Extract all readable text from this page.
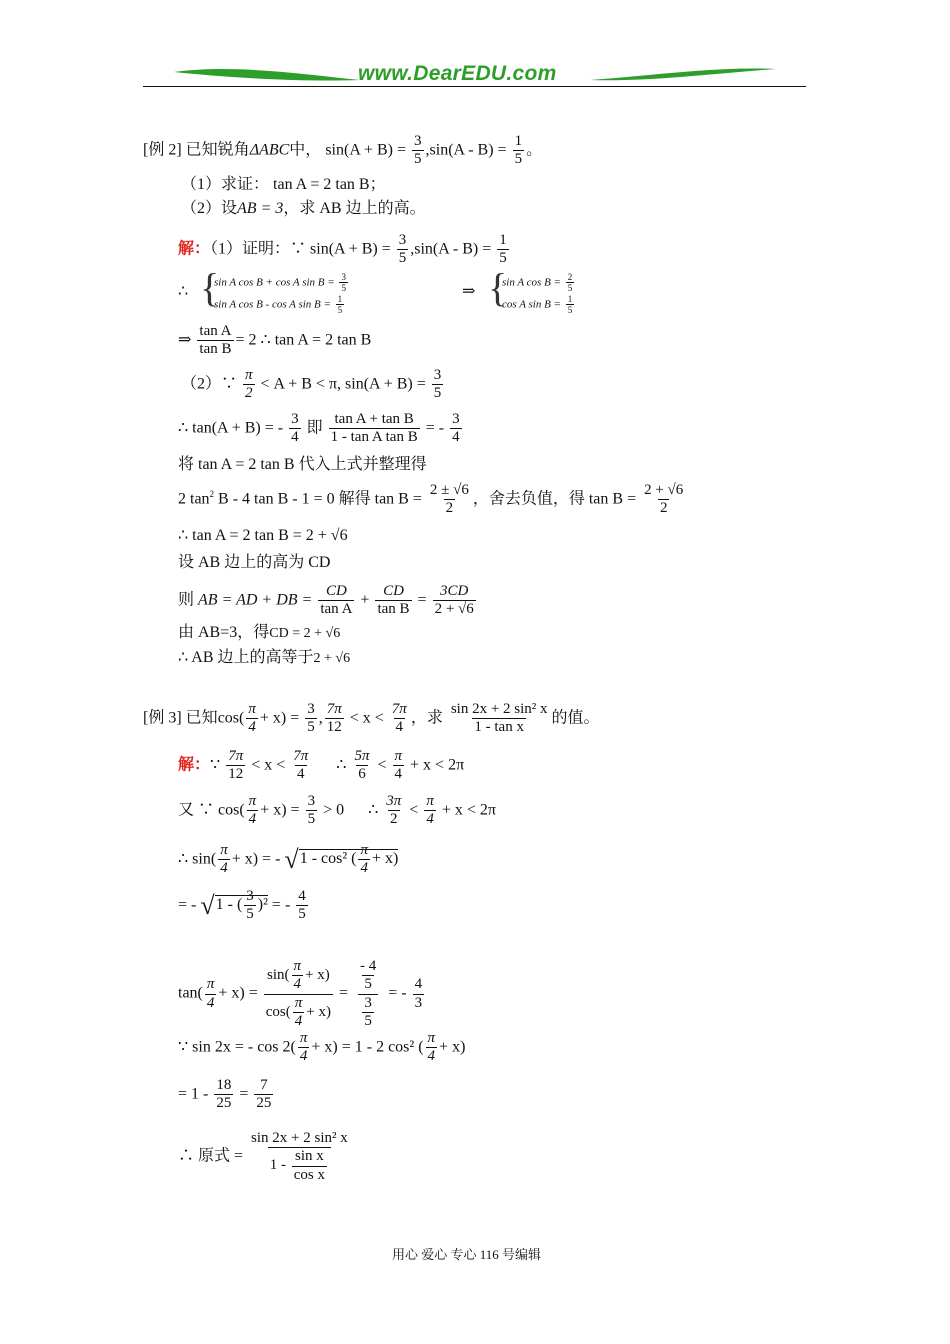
www.DearEDU.com
[例 2] 已知锐角ΔABC中， $\sin(A + B) = \frac{3}{5} ,\sin(A - B) = \frac{1}{5}$ 。
（1）求证： tan A = 2 tan B；
（2）设AB = 3，求 AB 边上的高。
解：（1）证明：∵ $\sin(A + B) = \frac{3}{5} ,\sin(A - B) = \frac{1}{5}$
∴ {
sin A cos B + cos A $\sin B = \frac{3}{5}$
sin A cos B - cos A $\sin B = \frac{1}{5}$
⇒ {
sin A $\cos B = \frac{2}{5}$
cos A $\sin B = \frac{1}{5}$
⇒ $\frac{\text{tan A}}{\text{tan B}} = 2$ ∴ tan A = 2 tan B
（2）∵ $\frac{\pi}{2} < A + B < \pi$, $\sin(A + B) = \frac{3}{5}$
∴ tan(A + B) = - $\frac{3}{4}$ 即 $\frac{\text{tan A + tan B}}{\text{1 - tan A tan B}}$ = - $\frac{3}{4}$
将 tan A = 2 tan B 代入上式并整理得
2 $\tan^2 B - 4$ tan B - 1 = 0 解得 $\tan B = \frac{2 \pm √6}{2}$ ，舍去负值，得 $\tan B = \frac{2 + √6}{2}$
∴ tan A = 2 tan B = 2 + √6
设 AB 边上的高为 CD
则 AB = AD + DB = $\frac{CD}{\text{tan A}} + \frac{CD}{\text{tan B}} = \frac{3CD}{2 + √6}$
由 AB=3，得CD = 2 + √6
∴ AB 边上的高等于2 + √6
[例 3] 已知$\cos( \frac{\pi}{4} + x) = \frac{3}{5}$ , $\frac{7\pi}{12} < x < \frac{7\pi}{4}$ ，求 $\frac{\text{sin 2x + 2 sin² x}}{\text{1 - tan x}}$ 的值。
解：∵ $\frac{7\pi}{12} < x < \frac{7\pi}{4}$ ∴ $\frac{5\pi}{6} < \frac{\pi}{4} + x < 2\pi$
又 ∵ $\cos( \frac{\pi}{4} + x) = \frac{3}{5} > 0$ ∴ $\frac{3\pi}{2} < \frac{\pi}{4} + x < 2\pi$
∴ $\sin( \frac{\pi}{4} + x)$ = - √1 - cos² ( $\frac{\pi}{4} + x$)
= - √1 - ( $\frac{3}{5} )^2$ = - $\frac{4}{5}$
$\tan( \frac{\pi}{4} + x) = \frac{\sin( \frac{\pi}{4} + x)}{\cos( \frac{\pi}{4} + x)} = \frac{\frac{- 4}{5}}{\frac{3}{5}}$ = - $\frac{4}{3}$
∵ sin 2x = - $\cos 2( \frac{\pi}{4} + x) = 1 - 2$ cos² ( $\frac{\pi}{4} + x$)
= $1 - \frac{18}{25} = \frac{7}{25}$
∴ 原式 = $\frac{\text{sin 2x + 2 sin² x}}{1 - \frac{\text{sin x}}{\text{cos x}}}$
用心 爱心 专心 116 号编辑
